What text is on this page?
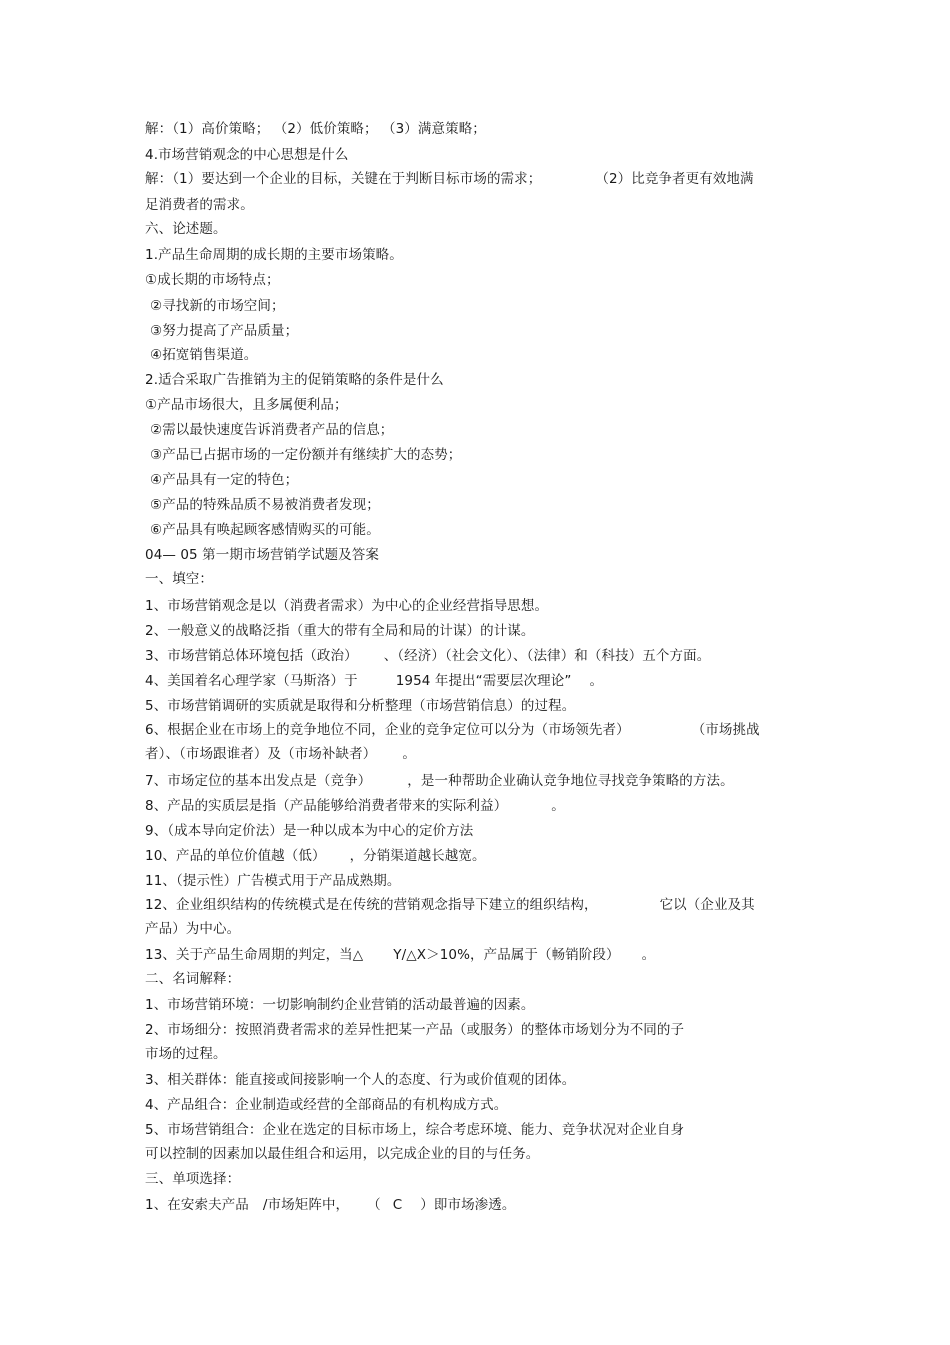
解：（1）高价策略； （2）低价策略； （3）满意策略；
4.市场营销观念的中心思想是什么
解：（1）要达到一个企业的目标，关键在于判断目标市场的需求；	（2）比竞争者更有效地满
足消费者的需求。
六、论述题。
1.产品生命周期的成长期的主要市场策略。
①成长期的市场特点；
②寻找新的市场空间；
③努力提高了产品质量；
④拓宽销售渠道。
2.适合采取广告推销为主的促销策略的条件是什么
①产品市场很大，且多属便利品；
②需以最快速度告诉消费者产品的信息；
③产品已占据市场的一定份额并有继续扩大的态势；
④产品具有一定的特色；
⑤产品的特殊品质不易被消费者发现；
⑥产品具有唤起顾客感情购买的可能。
04— 05 第一期市场营销学试题及答案
一、填空：
1、市场营销观念是以（消费者需求）为中心的企业经营指导思想。
2、一般意义的战略泛指（重大的带有全局和局的计谋）的计谋。
3、市场营销总体环境包括（政治） 、（经济）（社会文化）、（法律）和（科技）五个方面。
4、美国着名心理学家（马斯洛）于	1954 年提出“需要层次理论” 。
5、市场营销调研的实质就是取得和分析整理（市场营销信息）的过程。
6、根据企业在市场上的竞争地位不同，企业的竞争定位可以分为（市场领先者）	（市场挑战
者）、（市场跟谁者）及（市场补缺者） 。
7、市场定位的基本出发点是（竞争）	，是一种帮助企业确认竞争地位寻找竞争策略的方法。
8、产品的实质层是指（产品能够给消费者带来的实际利益）	。
9、（成本导向定价法）是一种以成本为中心的定价方法
10、产品的单位价值越（低） ，分销渠道越长越宽。
11、（提示性）广告模式用于产品成熟期。
12、企业组织结构的传统模式是在传统的营销观念指导下建立的组织结构，	它以（企业及其
产品）为中心。
13、关于产品生命周期的判定，当△ Y/△X＞10%，产品属于（畅销阶段） 。
二、名词解释：
1、市场营销环境：一切影响制约企业营销的活动最普遍的因素。
2、市场细分：按照消费者需求的差异性把某一产品（或服务）的整体市场划分为不同的子
市场的过程。
3、相关群体：能直接或间接影响一个人的态度、行为或价值观的团体。
4、产品组合：企业制造或经营的全部商品的有机构成方式。
5、市场营销组合：企业在选定的目标市场上，综合考虑环境、能力、竞争状况对企业自身
可以控制的因素加以最佳组合和运用，以完成企业的目的与任务。
三、单项选择：
1、在安索夫产品 /市场矩阵中， （ C ）即市场渗透。
